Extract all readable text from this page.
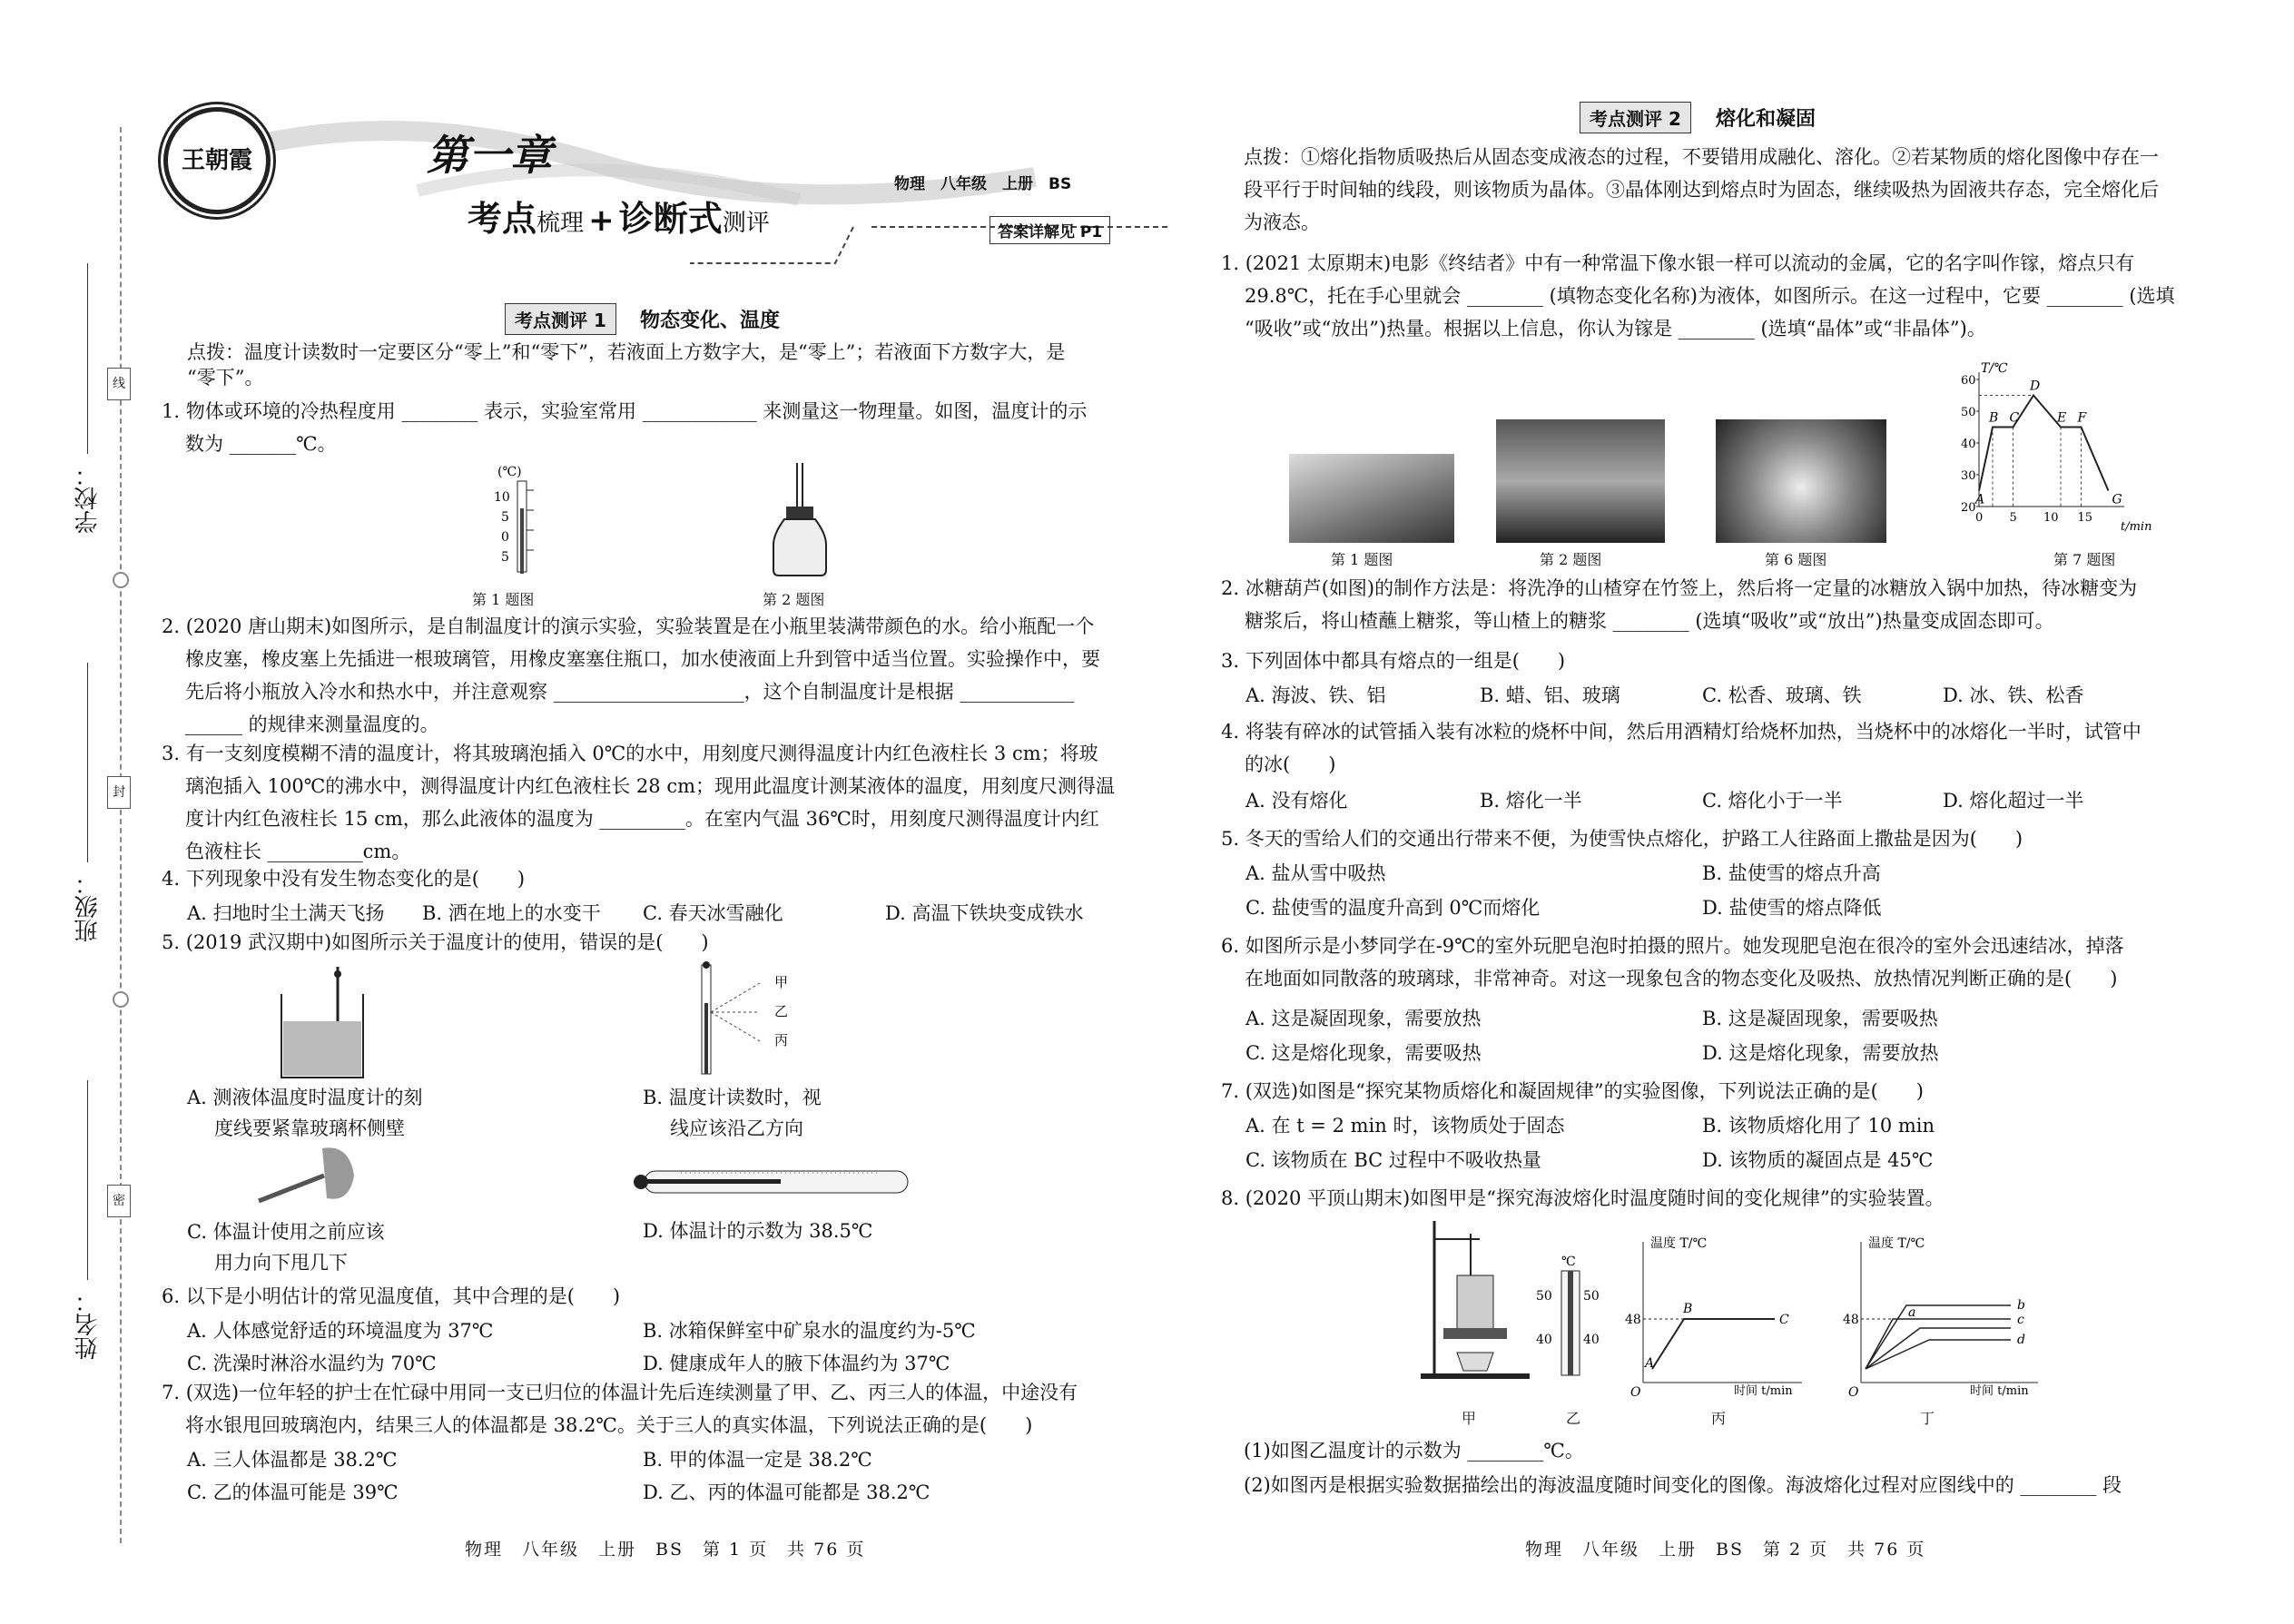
学校：
班级：
姓名：
线
封
密
王朝霞	第一章
考点梳理 + 诊断式测评
物理　八年级　上册　BS
答案详解见 P1
考点测评 1	物态变化、温度
点拨：温度计读数时一定要区分“零上”和“零下”，若液面上方数字大，是“零上”；若液面下方数字大，是
“零下”。
1. 物体或环境的冷热程度用 ________ 表示，实验室常用 ____________ 来测量这一物理量。如图，温度计的示
数为 _______℃。
(℃)
10
5
0
5
第 1 题图	第 2 题图
2. (2020 唐山期末)如图所示，是自制温度计的演示实验，实验装置是在小瓶里装满带颜色的水。给小瓶配一个
橡皮塞，橡皮塞上先插进一根玻璃管，用橡皮塞塞住瓶口，加水使液面上升到管中适当位置。实验操作中，要
先后将小瓶放入冷水和热水中，并注意观察 ____________________，这个自制温度计是根据 ____________
______ 的规律来测量温度的。
3. 有一支刻度模糊不清的温度计，将其玻璃泡插入 0℃的水中，用刻度尺测得温度计内红色液柱长 3 cm；将玻
璃泡插入 100℃的沸水中，测得温度计内红色液柱长 28 cm；现用此温度计测某液体的温度，用刻度尺测得温
度计内红色液柱长 15 cm，那么此液体的温度为 _________。在室内气温 36℃时，用刻度尺测得温度计内红
色液柱长 __________cm。
4. 下列现象中没有发生物态变化的是(　　)
A. 扫地时尘土满天飞扬 B. 洒在地上的水变干 C. 春天冰雪融化	D. 高温下铁块变成铁水
5. (2019 武汉期中)如图所示关于温度计的使用，错误的是(　　)
甲
乙
丙
A. 测液体温度时温度计的刻
度线要紧靠玻璃杯侧壁
B. 温度计读数时，视
线应该沿乙方向
C. 体温计使用之前应该
用力向下甩几下
D. 体温计的示数为 38.5℃
6. 以下是小明估计的常见温度值，其中合理的是(　　)
A. 人体感觉舒适的环境温度为 37℃	B. 冰箱保鲜室中矿泉水的温度约为-5℃
C. 洗澡时淋浴水温约为 70℃	D. 健康成年人的腋下体温约为 37℃
7. (双选)一位年轻的护士在忙碌中用同一支已归位的体温计先后连续测量了甲、乙、丙三人的体温，中途没有
将水银甩回玻璃泡内，结果三人的体温都是 38.2℃。关于三人的真实体温，下列说法正确的是(　　)
A. 三人体温都是 38.2℃	B. 甲的体温一定是 38.2℃
C. 乙的体温可能是 39℃	D. 乙、丙的体温可能都是 38.2℃
物理　八年级　上册　BS　第 1 页　共 76 页
考点测评 2	熔化和凝固
点拨：①熔化指物质吸热后从固态变成液态的过程，不要错用成融化、溶化。②若某物质的熔化图像中存在一
段平行于时间轴的线段，则该物质为晶体。③晶体刚达到熔点时为固态，继续吸热为固液共存态，完全熔化后
为液态。
1. (2021 太原期末)电影《终结者》中有一种常温下像水银一样可以流动的金属，它的名字叫作镓，熔点只有
29.8℃，托在手心里就会 ________ (填物态变化名称)为液体，如图所示。在这一过程中，它要 ________ (选填
“吸收”或“放出”)热量。根据以上信息，你认为镓是 ________ (选填“晶体”或“非晶体”)。
第 1 题图	第 2 题图	第 6 题图	第 7 题图
T/℃
t/min
20
30
40
50
60
0 5 10 15
A
B C
D
E F
G
2. 冰糖葫芦(如图)的制作方法是：将洗净的山楂穿在竹签上，然后将一定量的冰糖放入锅中加热，待冰糖变为
糖浆后，将山楂蘸上糖浆，等山楂上的糖浆 ________ (选填“吸收”或“放出”)热量变成固态即可。
3. 下列固体中都具有熔点的一组是(　　)
A. 海波、铁、铝	B. 蜡、铝、玻璃	C. 松香、玻璃、铁	D. 冰、铁、松香
4. 将装有碎冰的试管插入装有冰粒的烧杯中间，然后用酒精灯给烧杯加热，当烧杯中的冰熔化一半时，试管中
的冰(　　)
A. 没有熔化	B. 熔化一半	C. 熔化小于一半	D. 熔化超过一半
5. 冬天的雪给人们的交通出行带来不便，为使雪快点熔化，护路工人往路面上撒盐是因为(　　)
A. 盐从雪中吸热	B. 盐使雪的熔点升高
C. 盐使雪的温度升高到 0℃而熔化	D. 盐使雪的熔点降低
6. 如图所示是小梦同学在-9℃的室外玩肥皂泡时拍摄的照片。她发现肥皂泡在很冷的室外会迅速结冰，掉落
在地面如同散落的玻璃球，非常神奇。对这一现象包含的物态变化及吸热、放热情况判断正确的是(　　)
A. 这是凝固现象，需要放热	B. 这是凝固现象，需要吸热
C. 这是熔化现象，需要吸热	D. 这是熔化现象，需要放热
7. (双选)如图是“探究某物质熔化和凝固规律”的实验图像，下列说法正确的是(　　)
A. 在 t = 2 min 时，该物质处于固态	B. 该物质熔化用了 10 min
C. 该物质在 BC 过程中不吸收热量	D. 该物质的凝固点是 45℃
8. (2020 平顶山期末)如图甲是“探究海波熔化时温度随时间的变化规律”的实验装置。
℃
50
40
50
40
温度 T/℃
时间 t/min
48
A
B
C
O
温度 T/℃
时间 t/min
48	a	b
c
d
O
甲	乙	丙	丁
(1)如图乙温度计的示数为 ________℃。
(2)如图丙是根据实验数据描绘出的海波温度随时间变化的图像。海波熔化过程对应图线中的 ________ 段
物理　八年级　上册　BS　第 2 页　共 76 页
